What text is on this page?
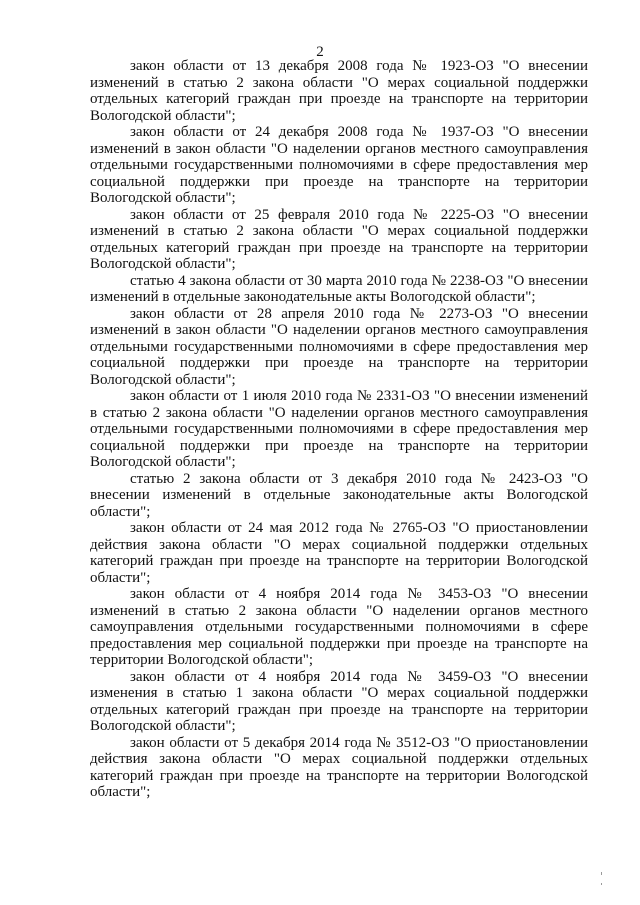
2

закон области от 13 декабря 2008 года № 1923-ОЗ "О внесении изменений в статью 2 закона области "О мерах социальной поддержки отдельных категорий граждан при проезде на транспорте на территории Вологодской области";

закон области от 24 декабря 2008 года № 1937-ОЗ "О внесении изменений в закон области "О наделении органов местного самоуправления отдельными государственными полномочиями в сфере предоставления мер социальной поддержки при проезде на транспорте на территории Вологодской области";

закон области от 25 февраля 2010 года № 2225-ОЗ "О внесении изменений в статью 2 закона области "О мерах социальной поддержки отдельных категорий граждан при проезде на транспорте на территории Вологодской области";

статью 4 закона области от 30 марта 2010 года № 2238-ОЗ "О внесении изменений в отдельные законодательные акты Вологодской области";

закон области от 28 апреля 2010 года № 2273-ОЗ "О внесении изменений в закон области "О наделении органов местного самоуправления отдельными государственными полномочиями в сфере предоставления мер социальной поддержки при проезде на транспорте на территории Вологодской области";

закон области от 1 июля 2010 года № 2331-ОЗ "О внесении изменений в статью 2 закона области "О наделении органов местного самоуправления отдельными государственными полномочиями в сфере предоставления мер социальной поддержки при проезде на транспорте на территории Вологодской области";

статью 2 закона области от 3 декабря 2010 года № 2423-ОЗ "О внесении изменений в отдельные законодательные акты Вологодской области";

закон области от 24 мая 2012 года № 2765-ОЗ "О приостановлении действия закона области "О мерах социальной поддержки отдельных категорий граждан при проезде на транспорте на территории Вологодской области";

закон области от 4 ноября 2014 года № 3453-ОЗ "О внесении изменений в статью 2 закона области "О наделении органов местного самоуправления отдельными государственными полномочиями в сфере предоставления мер социальной поддержки при проезде на транспорте на территории Вологодской области";

закон области от 4 ноября 2014 года № 3459-ОЗ "О внесении изменения в статью 1 закона области "О мерах социальной поддержки отдельных категорий граждан при проезде на транспорте на территории Вологодской области";

закон области от 5 декабря 2014 года № 3512-ОЗ "О приостановлении действия закона области "О мерах социальной поддержки отдельных категорий граждан при проезде на транспорте на территории Вологодской области";
